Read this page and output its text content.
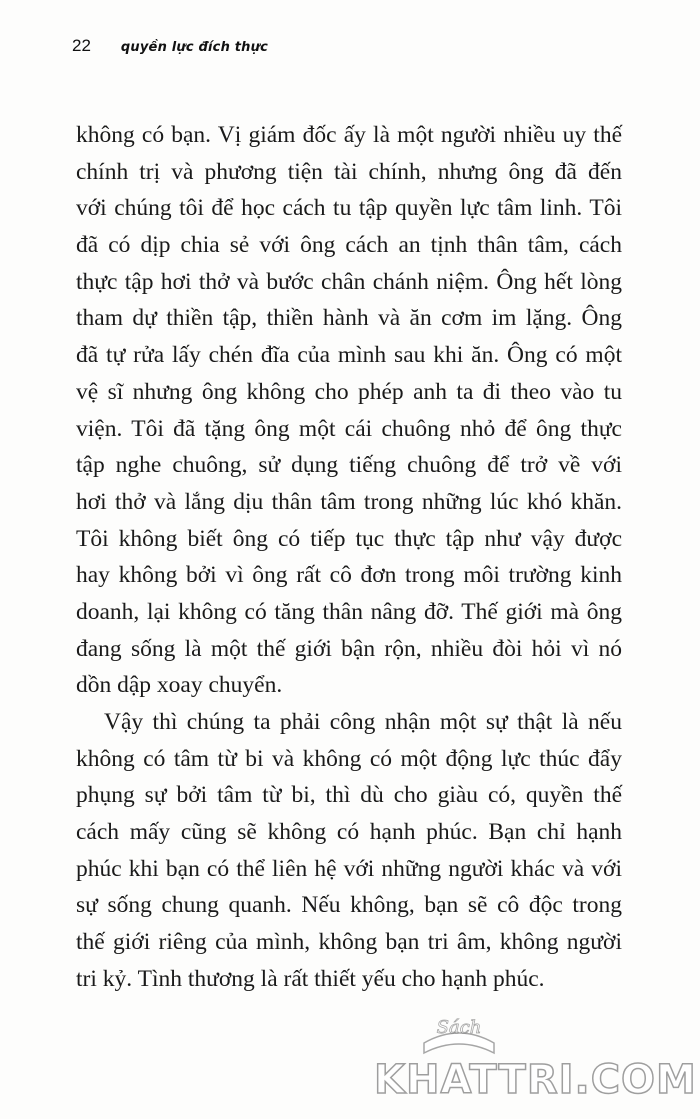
22 quyền lực đích thực
không có bạn. Vị giám đốc ấy là một người nhiều uy thế
chính trị và phương tiện tài chính, nhưng ông đã đến
với chúng tôi để học cách tu tập quyền lực tâm linh. Tôi
đã có dịp chia sẻ với ông cách an tịnh thân tâm, cách
thực tập hơi thở và bước chân chánh niệm. Ông hết lòng
tham dự thiền tập, thiền hành và ăn cơm im lặng. Ông
đã tự rửa lấy chén đĩa của mình sau khi ăn. Ông có một
vệ sĩ nhưng ông không cho phép anh ta đi theo vào tu
viện. Tôi đã tặng ông một cái chuông nhỏ để ông thực
tập nghe chuông, sử dụng tiếng chuông để trở về với
hơi thở và lắng dịu thân tâm trong những lúc khó khăn.
Tôi không biết ông có tiếp tục thực tập như vậy được
hay không bởi vì ông rất cô đơn trong môi trường kinh
doanh, lại không có tăng thân nâng đỡ. Thế giới mà ông
đang sống là một thế giới bận rộn, nhiều đòi hỏi vì nó
dồn dập xoay chuyển.
Vậy thì chúng ta phải công nhận một sự thật là nếu
không có tâm từ bi và không có một động lực thúc đẩy
phụng sự bởi tâm từ bi, thì dù cho giàu có, quyền thế
cách mấy cũng sẽ không có hạnh phúc. Bạn chỉ hạnh
phúc khi bạn có thể liên hệ với những người khác và với
sự sống chung quanh. Nếu không, bạn sẽ cô độc trong
thế giới riêng của mình, không bạn tri âm, không người
tri kỷ. Tình thương là rất thiết yếu cho hạnh phúc.
Sách
KHATTRI.COM
